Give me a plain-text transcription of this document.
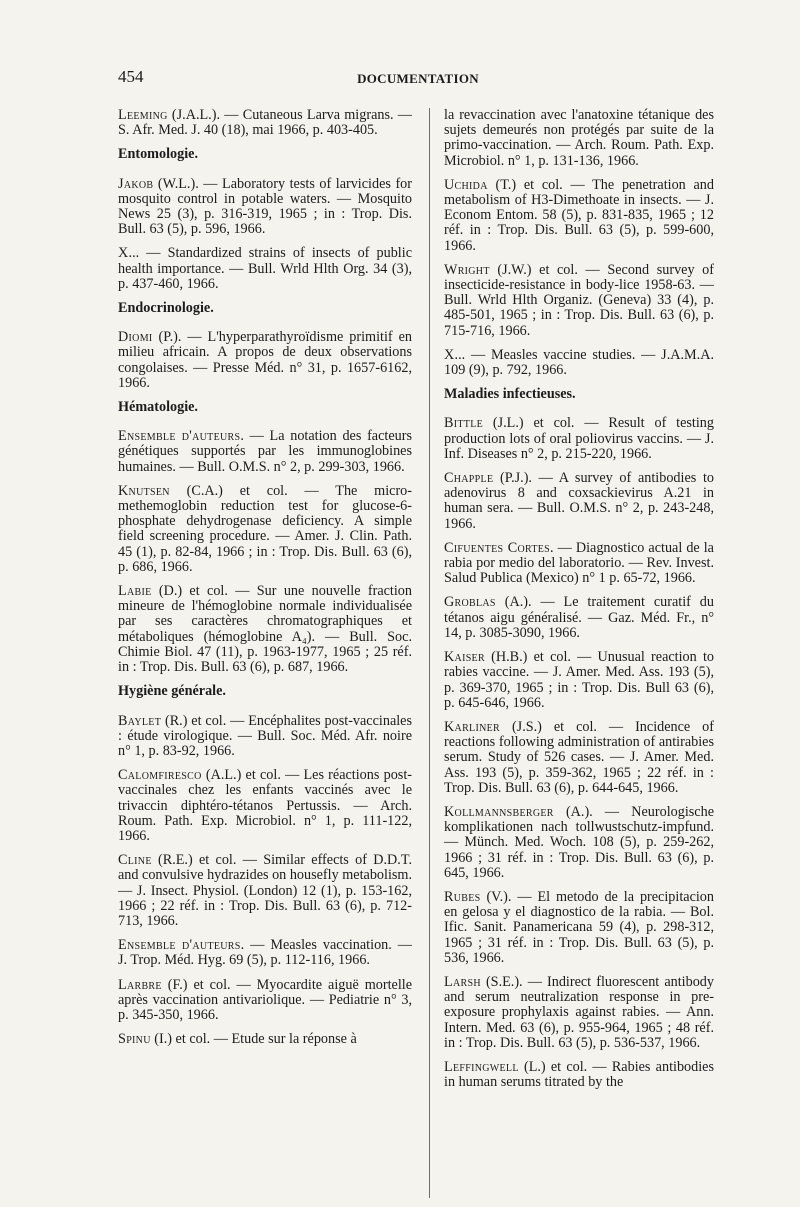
454	DOCUMENTATION

Leeming (J.A.L.). — Cutaneous Larva migrans. — S. Afr. Med. J. 40 (18), mai 1966, p. 403-405.

Entomologie.

Jakob (W.L.). — Laboratory tests of larvicides for mosquito control in potable waters. — Mosquito News 25 (3), p. 316-319, 1965 ; in : Trop. Dis. Bull. 63 (5), p. 596, 1966.

X... — Standardized strains of insects of public health importance. — Bull. Wrld Hlth Org. 34 (3), p. 437-460, 1966.

Endocrinologie.

Diomi (P.). — L'hyperparathyroïdisme primitif en milieu africain. A propos de deux observations congolaises. — Presse Méd. n° 31, p. 1657-6162, 1966.

Hématologie.

Ensemble d'auteurs. — La notation des facteurs génétiques supportés par les immunoglobines humaines. — Bull. O.M.S. n° 2, p. 299-303, 1966.

Knutsen (C.A.) et col. — The micro-methemoglobin reduction test for glucose-6-phosphate dehydrogenase deficiency. A simple field screening procedure. — Amer. J. Clin. Path. 45 (1), p. 82-84, 1966 ; in : Trop. Dis. Bull. 63 (6), p. 686, 1966.

Labie (D.) et col. — Sur une nouvelle fraction mineure de l'hémoglobine normale individualisée par ses caractères chromatographiques et métaboliques (hémoglobine A₄). — Bull. Soc. Chimie Biol. 47 (11), p. 1963-1977, 1965 ; 25 réf. in : Trop. Dis. Bull. 63 (6), p. 687, 1966.

Hygiène générale.

Baylet (R.) et col. — Encéphalites post-vaccinales : étude virologique. — Bull. Soc. Méd. Afr. noire n° 1, p. 83-92, 1966.

Calomfiresco (A.L.) et col. — Les réactions post-vaccinales chez les enfants vaccinés avec le trivaccin diphtéro-tétanos Pertussis. — Arch. Roum. Path. Exp. Microbiol. n° 1, p. 111-122, 1966.

Cline (R.E.) et col. — Similar effects of D.D.T. and convulsive hydrazides on housefly metabolism. — J. Insect. Physiol. (London) 12 (1), p. 153-162, 1966 ; 22 réf. in : Trop. Dis. Bull. 63 (6), p. 712-713, 1966.

Ensemble d'auteurs. — Measles vaccination. — J. Trop. Méd. Hyg. 69 (5), p. 112-116, 1966.

Larbre (F.) et col. — Myocardite aiguë mortelle après vaccination antivariolique. — Pediatrie n° 3, p. 345-350, 1966.

Spinu (I.) et col. — Etude sur la réponse à

la revaccination avec l'anatoxine tétanique des sujets demeurés non protégés par suite de la primo-vaccination. — Arch. Roum. Path. Exp. Microbiol. n° 1, p. 131-136, 1966.

Uchida (T.) et col. — The penetration and metabolism of H3-Dimethoate in insects. — J. Econom Entom. 58 (5), p. 831-835, 1965 ; 12 réf. in : Trop. Dis. Bull. 63 (5), p. 599-600, 1966.

Wright (J.W.) et col. — Second survey of insecticide-resistance in body-lice 1958-63. — Bull. Wrld Hlth Organiz. (Geneva) 33 (4), p. 485-501, 1965 ; in : Trop. Dis. Bull. 63 (6), p. 715-716, 1966.

X... — Measles vaccine studies. — J.A.M.A. 109 (9), p. 792, 1966.

Maladies infectieuses.

Bittle (J.L.) et col. — Result of testing production lots of oral poliovirus vaccins. — J. Inf. Diseases n° 2, p. 215-220, 1966.

Chapple (P.J.). — A survey of antibodies to adenovirus 8 and coxsackievirus A.21 in human sera. — Bull. O.M.S. n° 2, p. 243-248, 1966.

Cifuentes Cortes. — Diagnostico actual de la rabia por medio del laboratorio. — Rev. Invest. Salud Publica (Mexico) n° 1 p. 65-72, 1966.

Groblas (A.). — Le traitement curatif du tétanos aigu généralisé. — Gaz. Méd. Fr., n° 14, p. 3085-3090, 1966.

Kaiser (H.B.) et col. — Unusual reaction to rabies vaccine. — J. Amer. Med. Ass. 193 (5), p. 369-370, 1965 ; in : Trop. Dis. Bull 63 (6), p. 645-646, 1966.

Karliner (J.S.) et col. — Incidence of reactions following administration of antirabies serum. Study of 526 cases. — J. Amer. Med. Ass. 193 (5), p. 359-362, 1965 ; 22 réf. in : Trop. Dis. Bull. 63 (6), p. 644-645, 1966.

Kollmannsberger (A.). — Neurologische komplikationen nach tollwustschutz-impfund. — Münch. Med. Woch. 108 (5), p. 259-262, 1966 ; 31 réf. in : Trop. Dis. Bull. 63 (6), p. 645, 1966.

Rubes (V.). — El metodo de la precipitacion en gelosa y el diagnostico de la rabia. — Bol. Ific. Sanit. Panamericana 59 (4), p. 298-312, 1965 ; 31 réf. in : Trop. Dis. Bull. 63 (5), p. 536, 1966.

Larsh (S.E.). — Indirect fluorescent antibody and serum neutralization response in pre-exposure prophylaxis against rabies. — Ann. Intern. Med. 63 (6), p. 955-964, 1965 ; 48 réf. in : Trop. Dis. Bull. 63 (5), p. 536-537, 1966.

Leffingwell (L.) et col. — Rabies antibodies in human serums titrated by the
